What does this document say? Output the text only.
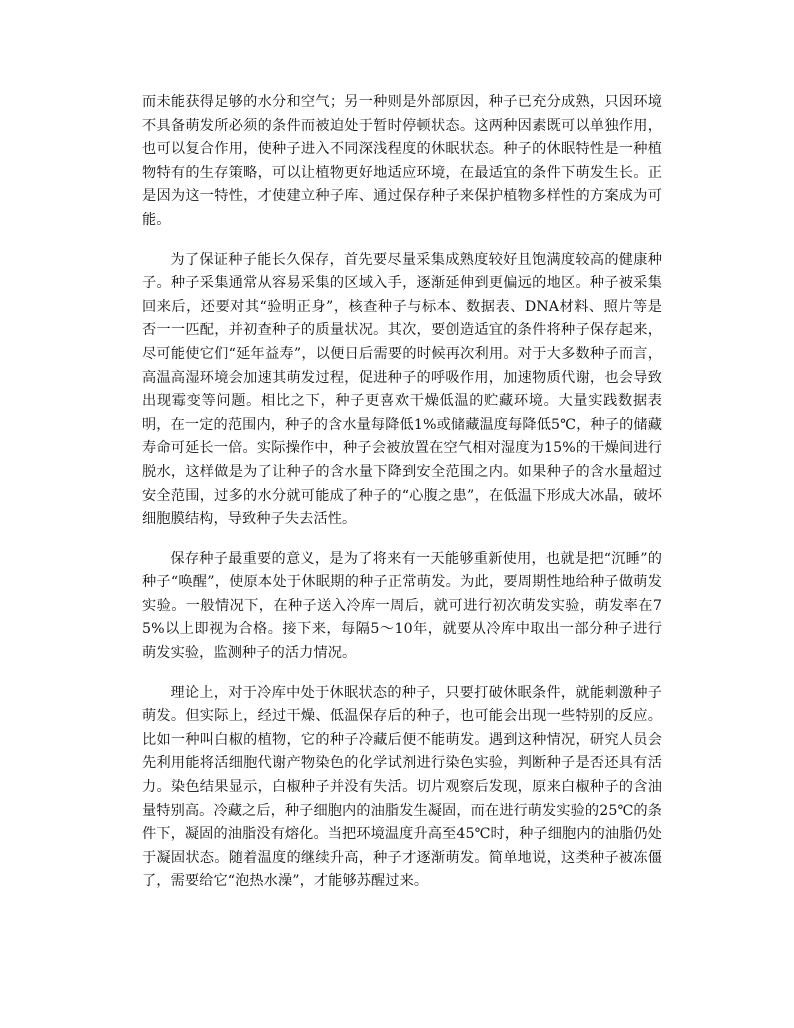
而未能获得足够的水分和空气；另一种则是外部原因，种子已充分成熟，只因环境不具备萌发所必须的条件而被迫处于暂时停顿状态。这两种因素既可以单独作用，也可以复合作用，使种子进入不同深浅程度的休眠状态。种子的休眠特性是一种植物特有的生存策略，可以让植物更好地适应环境，在最适宜的条件下萌发生长。正是因为这一特性，才使建立种子库、通过保存种子来保护植物多样性的方案成为可能。

为了保证种子能长久保存，首先要尽量采集成熟度较好且饱满度较高的健康种子。种子采集通常从容易采集的区域入手，逐渐延伸到更偏远的地区。种子被采集回来后，还要对其“验明正身”，核查种子与标本、数据表、DNA材料、照片等是否一一匹配，并初查种子的质量状况。其次，要创造适宜的条件将种子保存起来，尽可能使它们“延年益寿”，以便日后需要的时候再次利用。对于大多数种子而言，高温高湿环境会加速其萌发过程，促进种子的呼吸作用，加速物质代谢，也会导致出现霉变等问题。相比之下，种子更喜欢干燥低温的贮藏环境。大量实践数据表明，在一定的范围内，种子的含水量每降低1%或储藏温度每降低5℃，种子的储藏寿命可延长一倍。实际操作中，种子会被放置在空气相对湿度为15%的干燥间进行脱水，这样做是为了让种子的含水量下降到安全范围之内。如果种子的含水量超过安全范围，过多的水分就可能成了种子的“心腹之患”，在低温下形成大冰晶，破坏细胞膜结构，导致种子失去活性。

保存种子最重要的意义，是为了将来有一天能够重新使用，也就是把“沉睡”的种子“唤醒”，使原本处于休眠期的种子正常萌发。为此，要周期性地给种子做萌发实验。一般情况下，在种子送入冷库一周后，就可进行初次萌发实验，萌发率在75%以上即视为合格。接下来，每隔5～10年，就要从冷库中取出一部分种子进行萌发实验，监测种子的活力情况。

理论上，对于冷库中处于休眠状态的种子，只要打破休眠条件，就能刺激种子萌发。但实际上，经过干燥、低温保存后的种子，也可能会出现一些特别的反应。比如一种叫白椒的植物，它的种子冷藏后便不能萌发。遇到这种情况，研究人员会先利用能将活细胞代谢产物染色的化学试剂进行染色实验，判断种子是否还具有活力。染色结果显示，白椒种子并没有失活。切片观察后发现，原来白椒种子的含油量特别高。冷藏之后，种子细胞内的油脂发生凝固，而在进行萌发实验的25℃的条件下，凝固的油脂没有熔化。当把环境温度升高至45℃时，种子细胞内的油脂仍处于凝固状态。随着温度的继续升高，种子才逐渐萌发。简单地说，这类种子被冻僵了，需要给它“泡热水澡”，才能够苏醒过来。
